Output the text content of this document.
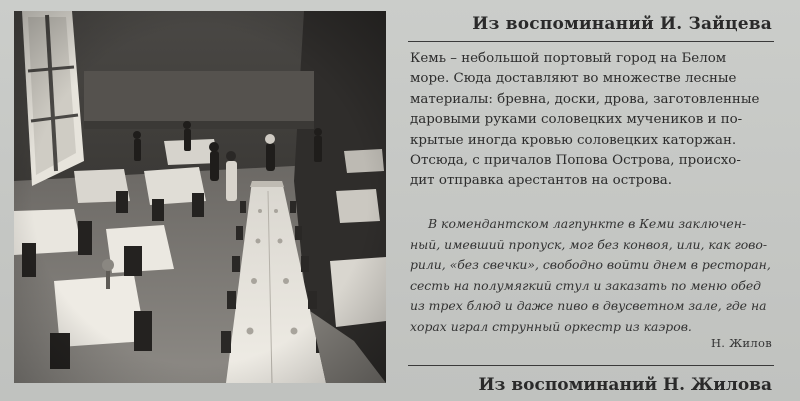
Из воспоминаний И. Зайцева
Кемь – небольшой портовый город на Белом
море. Сюда доставляют во множестве лесные
материалы: бревна, доски, дрова, заготовленные
даровыми руками соловецких мучеников и по-
крытые иногда кровью соловецких каторжан.
Отсюда, с причалов Попова Острова, происхо-
дит отправка арестантов на острова.
В комендантском лагпункте в Кеми заключен-
ный, имевший пропуск, мог без конвоя, или, как гово-
рили, «без свечки», свободно войти днем в ресторан,
сесть на полумягкий стул и заказать по меню обед
из трех блюд и даже пиво в двусветном зале, где на
хорах играл струнный оркестр из каэров.
Н. Жилов
Из воспоминаний Н. Жилова
